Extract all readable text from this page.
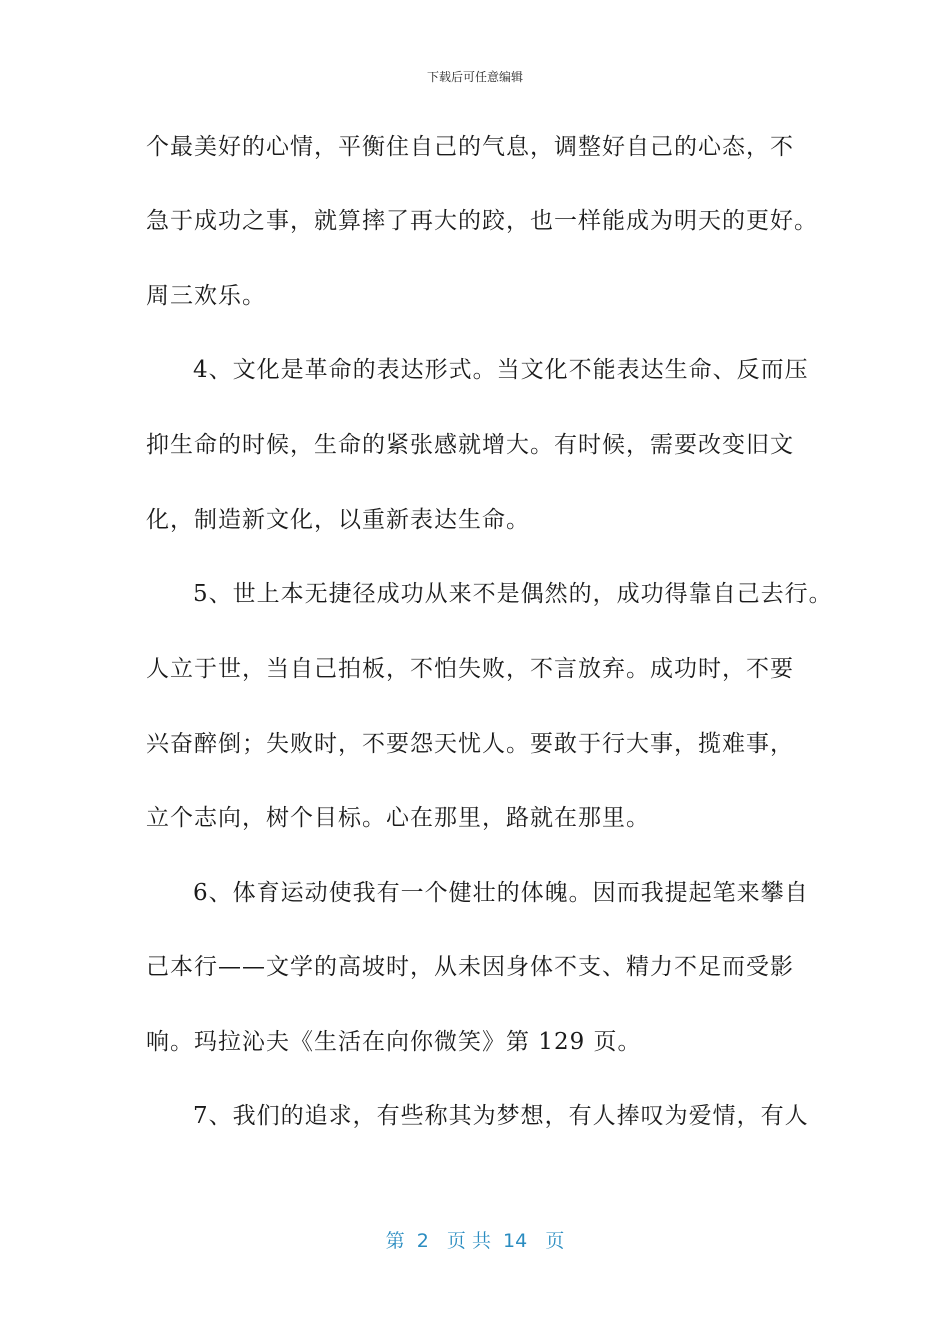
下载后可任意编辑
个最美好的心情，平衡住自己的气息，调整好自己的心态，不
急于成功之事，就算摔了再大的跤，也一样能成为明天的更好。
周三欢乐。
4、文化是革命的表达形式。当文化不能表达生命、反而压
抑生命的时候，生命的紧张感就增大。有时候，需要改变旧文
化，制造新文化，以重新表达生命。
5、世上本无捷径成功从来不是偶然的，成功得靠自己去行。
人立于世，当自己拍板，不怕失败，不言放弃。成功时，不要
兴奋醉倒；失败时，不要怨天忧人。要敢于行大事，揽难事，
立个志向，树个目标。心在那里，路就在那里。
6、体育运动使我有一个健壮的体魄。因而我提起笔来攀自
己本行——文学的高坡时，从未因身体不支、精力不足而受影
响。玛拉沁夫《生活在向你微笑》第 129 页。
7、我们的追求，有些称其为梦想，有人捧叹为爱情，有人
第  2   页 共  14   页
